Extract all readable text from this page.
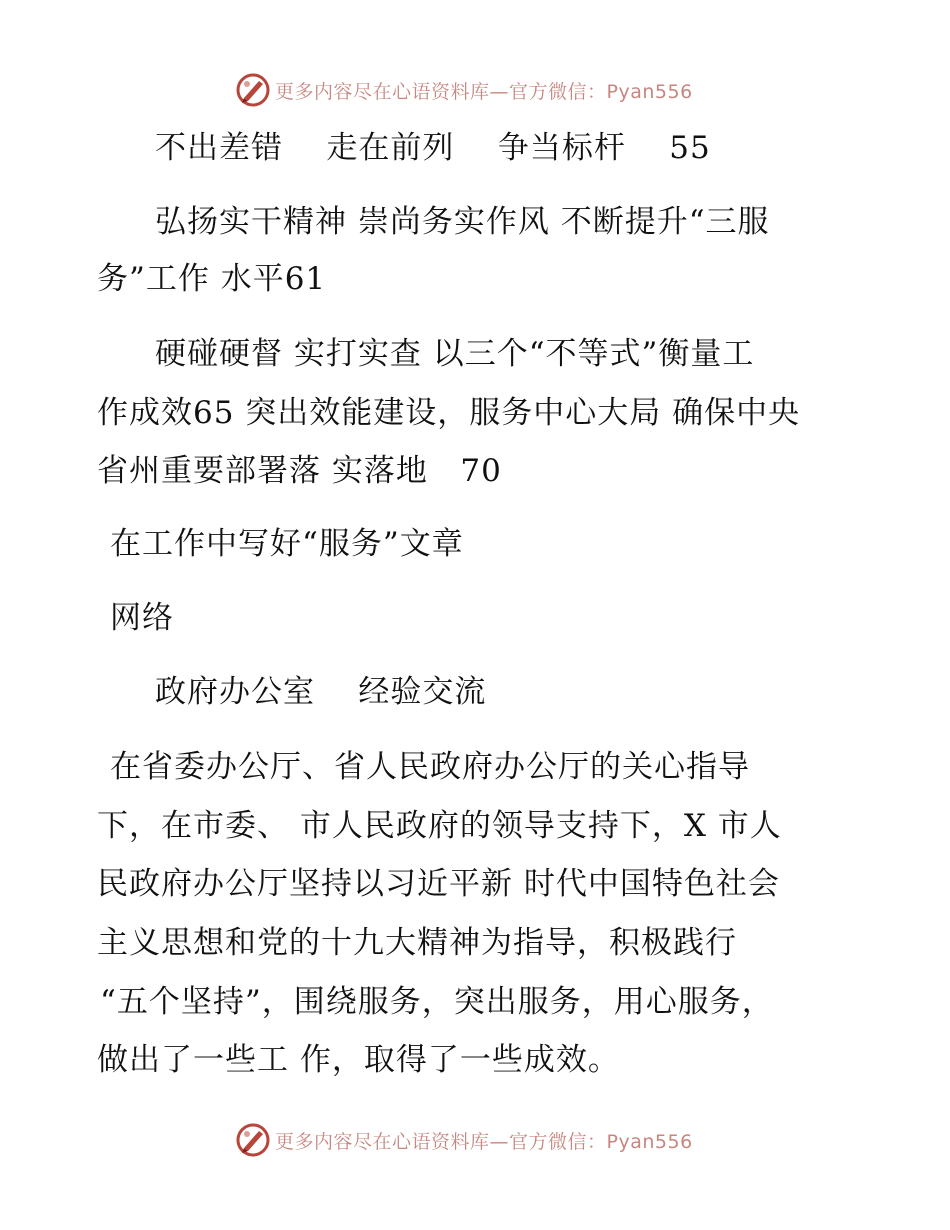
更多内容尽在心语资料库—官方微信：Pyan556
不出差错    走在前列    争当标杆    55
弘扬实干精神 崇尚务实作风 不断提升“三服
务”工作 水平61
硬碰硬督 实打实查 以三个“不等式”衡量工
作成效65 突出效能建设，服务中心大局 确保中央
省州重要部署落 实落地   70
在工作中写好“服务”文章
网络
政府办公室    经验交流
在省委办公厅、省人民政府办公厅的关心指导
下，在市委、 市人民政府的领导支持下，X 市人
民政府办公厅坚持以习近平新 时代中国特色社会
主义思想和党的十九大精神为指导，积极践行
“五个坚持”，围绕服务，突出服务，用心服务，
做出了一些工 作，取得了一些成效。
更多内容尽在心语资料库—官方微信：Pyan556
